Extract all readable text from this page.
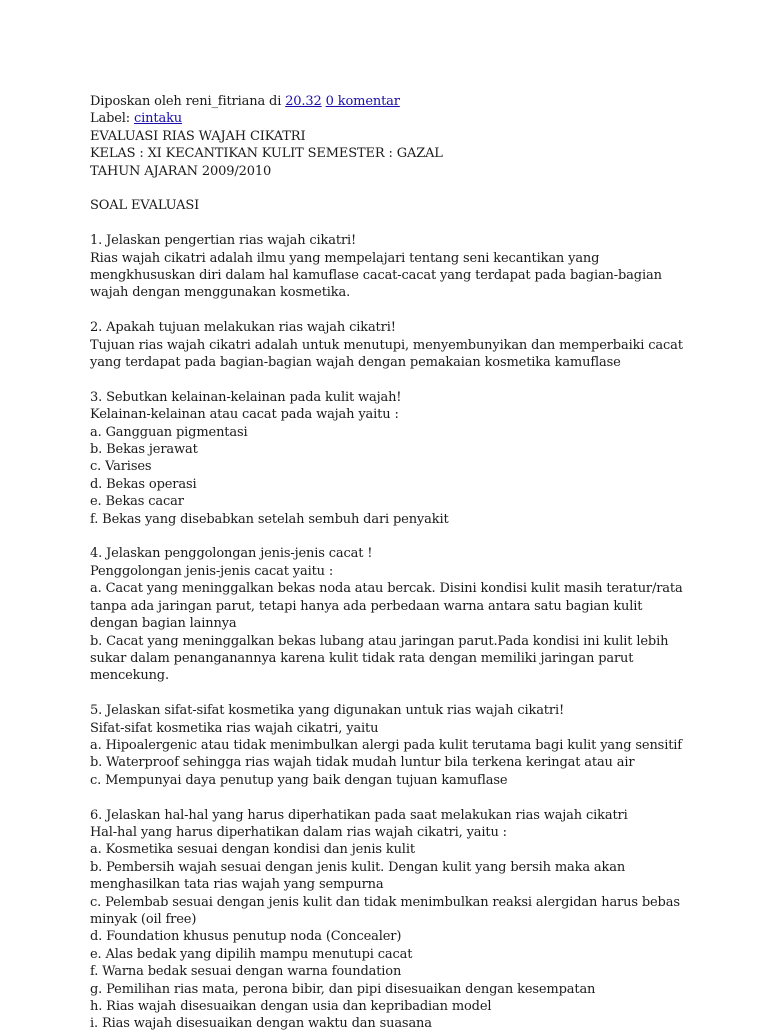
Diposkan oleh reni_fitriana di 20.32 0 komentar
Label: cintaku
EVALUASI RIAS WAJAH CIKATRI
KELAS : XI KECANTIKAN KULIT SEMESTER : GAZAL
TAHUN AJARAN 2009/2010
SOAL EVALUASI
1. Jelaskan pengertian rias wajah cikatri!
Rias wajah cikatri adalah ilmu yang mempelajari tentang seni kecantikan yang
mengkhususkan diri dalam hal kamuflase cacat-cacat yang terdapat pada bagian-bagian
wajah dengan menggunakan kosmetika.
2. Apakah tujuan melakukan rias wajah cikatri!
Tujuan rias wajah cikatri adalah untuk menutupi, menyembunyikan dan memperbaiki cacat
yang terdapat pada bagian-bagian wajah dengan pemakaian kosmetika kamuflase
3. Sebutkan kelainan-kelainan pada kulit wajah!
Kelainan-kelainan atau cacat pada wajah yaitu :
a. Gangguan pigmentasi
b. Bekas jerawat
c. Varises
d. Bekas operasi
e. Bekas cacar
f. Bekas yang disebabkan setelah sembuh dari penyakit
4. Jelaskan penggolongan jenis-jenis cacat !
Penggolongan jenis-jenis cacat yaitu :
a. Cacat yang meninggalkan bekas noda atau bercak. Disini kondisi kulit masih teratur/rata
tanpa ada jaringan parut, tetapi hanya ada perbedaan warna antara satu bagian kulit
dengan bagian lainnya
b. Cacat yang meninggalkan bekas lubang atau jaringan parut.Pada kondisi ini kulit lebih
sukar dalam penanganannya karena kulit tidak rata dengan memiliki jaringan parut
mencekung.
5. Jelaskan sifat-sifat kosmetika yang digunakan untuk rias wajah cikatri!
Sifat-sifat kosmetika rias wajah cikatri, yaitu
a. Hipoalergenic atau tidak menimbulkan alergi pada kulit terutama bagi kulit yang sensitif
b. Waterproof sehingga rias wajah tidak mudah luntur bila terkena keringat atau air
c. Mempunyai daya penutup yang baik dengan tujuan kamuflase
6. Jelaskan hal-hal yang harus diperhatikan pada saat melakukan rias wajah cikatri
Hal-hal yang harus diperhatikan dalam rias wajah cikatri, yaitu :
a. Kosmetika sesuai dengan kondisi dan jenis kulit
b. Pembersih wajah sesuai dengan jenis kulit. Dengan kulit yang bersih maka akan
menghasilkan tata rias wajah yang sempurna
c. Pelembab sesuai dengan jenis kulit dan tidak menimbulkan reaksi alergidan harus bebas
minyak (oil free)
d. Foundation khusus penutup noda (Concealer)
e. Alas bedak yang dipilih mampu menutupi cacat
f. Warna bedak sesuai dengan warna foundation
g. Pemilihan rias mata, perona bibir, dan pipi disesuaikan dengan kesempatan
h. Rias wajah disesuaikan dengan usia dan kepribadian model
i. Rias wajah disesuaikan dengan waktu dan suasana
